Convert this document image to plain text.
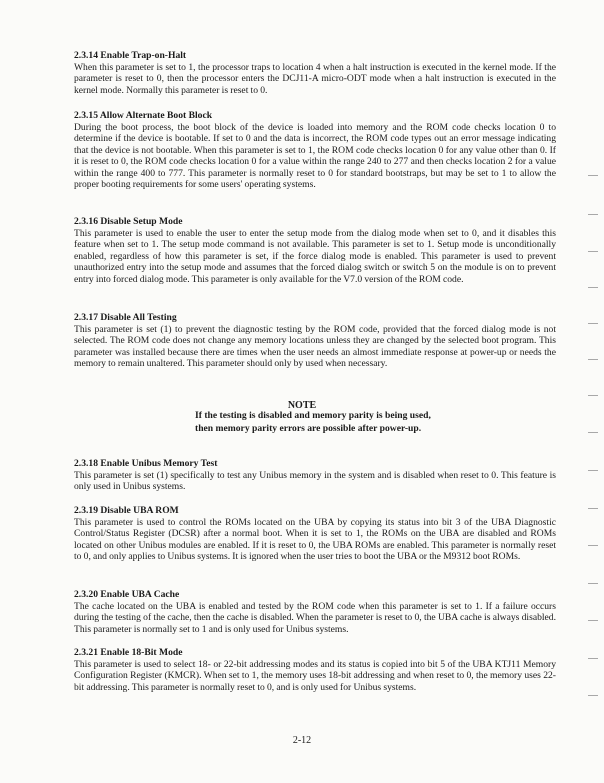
2.3.14 Enable Trap-on-Halt

When this parameter is set to 1, the processor traps to location 4 when a halt instruction is executed in the kernel mode. If the parameter is reset to 0, then the processor enters the DCJ11-A micro-ODT mode when a halt instruction is executed in the kernel mode. Normally this parameter is reset to 0.

2.3.15 Allow Alternate Boot Block

During the boot process, the boot block of the device is loaded into memory and the ROM code checks location 0 to determine if the device is bootable. If set to 0 and the data is incorrect, the ROM code types out an error message indicating that the device is not bootable. When this parameter is set to 1, the ROM code checks location 0 for any value other than 0. If it is reset to 0, the ROM code checks location 0 for a value within the range 240 to 277 and then checks location 2 for a value within the range 400 to 777. This parameter is normally reset to 0 for standard bootstraps, but may be set to 1 to allow the proper booting requirements for some users' operating systems.

2.3.16 Disable Setup Mode

This parameter is used to enable the user to enter the setup mode from the dialog mode when set to 0, and it disables this feature when set to 1. The setup mode command is not available. This parameter is set to 1. Setup mode is unconditionally enabled, regardless of how this parameter is set, if the force dialog mode is enabled. This parameter is used to prevent unauthorized entry into the setup mode and assumes that the forced dialog switch or switch 5 on the module is on to prevent entry into forced dialog mode. This parameter is only available for the V7.0 version of the ROM code.

2.3.17 Disable All Testing

This parameter is set (1) to prevent the diagnostic testing by the ROM code, provided that the forced dialog mode is not selected. The ROM code does not change any memory locations unless they are changed by the selected boot program. This parameter was installed because there are times when the user needs an almost immediate response at power-up or needs the memory to remain unaltered. This parameter should only by used when necessary.

NOTE

If the testing is disabled and memory parity is being used, then memory parity errors are possible after power-up.

2.3.18 Enable Unibus Memory Test

This parameter is set (1) specifically to test any Unibus memory in the system and is disabled when reset to 0. This feature is only used in Unibus systems.

2.3.19 Disable UBA ROM

This parameter is used to control the ROMs located on the UBA by copying its status into bit 3 of the UBA Diagnostic Control/Status Register (DCSR) after a normal boot. When it is set to 1, the ROMs on the UBA are disabled and ROMs located on other Unibus modules are enabled. If it is reset to 0, the UBA ROMs are enabled. This parameter is normally reset to 0, and only applies to Unibus systems. It is ignored when the user tries to boot the UBA or the M9312 boot ROMs.

2.3.20 Enable UBA Cache

The cache located on the UBA is enabled and tested by the ROM code when this parameter is set to 1. If a failure occurs during the testing of the cache, then the cache is disabled. When the parameter is reset to 0, the UBA cache is always disabled. This parameter is normally set to 1 and is only used for Unibus systems.

2.3.21 Enable 18-Bit Mode

This parameter is used to select 18- or 22-bit addressing modes and its status is copied into bit 5 of the UBA KTJ11 Memory Configuration Register (KMCR). When set to 1, the memory uses 18-bit addressing and when reset to 0, the memory uses 22-bit addressing. This parameter is normally reset to 0, and is only used for Unibus systems.

2-12
